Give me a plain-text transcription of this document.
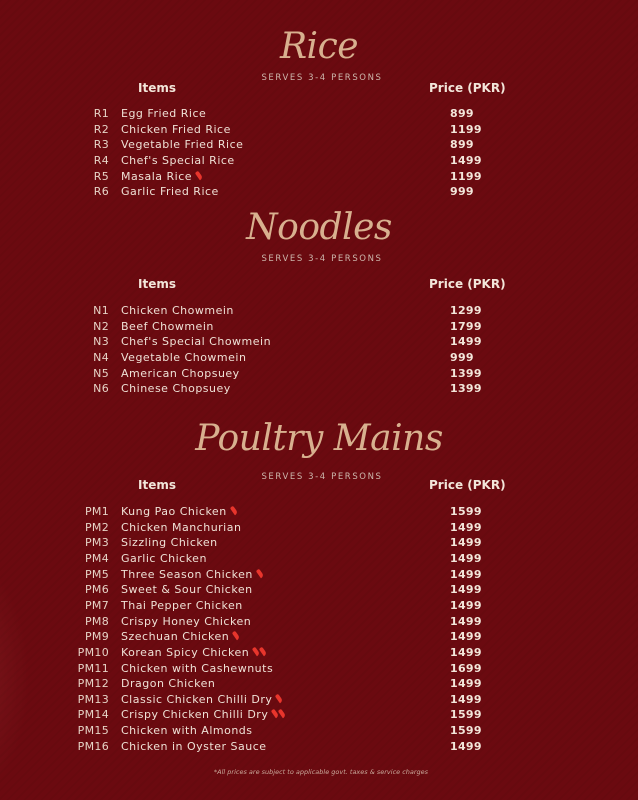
Rice
SERVES 3-4 PERSONS
Items	Price (PKR)
R1 Egg Fried Rice	899
R2 Chicken Fried Rice	1199
R3 Vegetable Fried Rice	899
R4 Chef's Special Rice	1499
R5 Masala Rice	1199
R6 Garlic Fried Rice	999
Noodles
SERVES 3-4 PERSONS
Items	Price (PKR)
N1 Chicken Chowmein	1299
N2 Beef Chowmein	1799
N3 Chef's Special Chowmein	1499
N4 Vegetable Chowmein	999
N5 American Chopsuey	1399
N6 Chinese Chopsuey	1399
Poultry Mains
SERVES 3-4 PERSONS
Items	Price (PKR)
PM1 Kung Pao Chicken	1599
PM2 Chicken Manchurian	1499
PM3 Sizzling Chicken	1499
PM4 Garlic Chicken	1499
PM5 Three Season Chicken	1499
PM6 Sweet & Sour Chicken	1499
PM7 Thai Pepper Chicken	1499
PM8 Crispy Honey Chicken	1499
PM9 Szechuan Chicken	1499
PM10 Korean Spicy Chicken	1499
PM11 Chicken with Cashewnuts	1699
PM12 Dragon Chicken	1499
PM13 Classic Chicken Chilli Dry	1499
PM14 Crispy Chicken Chilli Dry	1599
PM15 Chicken with Almonds	1599
PM16 Chicken in Oyster Sauce	1499
*All prices are subject to applicable govt. taxes & service charges
